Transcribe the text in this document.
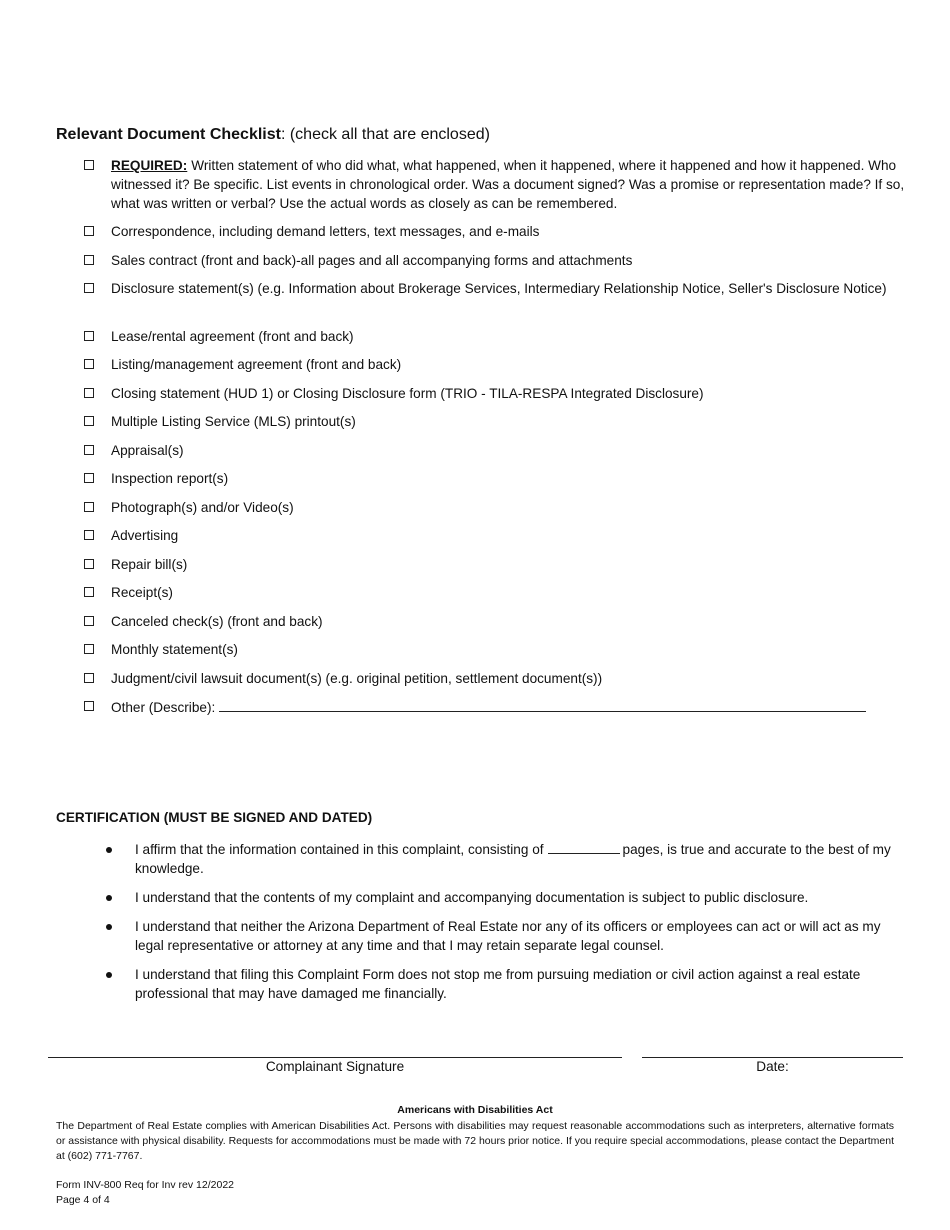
Relevant Document Checklist: (check all that are enclosed)
REQUIRED: Written statement of who did what, what happened, when it happened, where it happened and how it happened. Who witnessed it? Be specific. List events in chronological order. Was a document signed? Was a promise or representation made? If so, what was written or verbal? Use the actual words as closely as can be remembered.
Correspondence, including demand letters, text messages, and e-mails
Sales contract (front and back)-all pages and all accompanying forms and attachments
Disclosure statement(s) (e.g. Information about Brokerage Services, Intermediary Relationship Notice, Seller's Disclosure Notice)
Lease/rental agreement (front and back)
Listing/management agreement (front and back)
Closing statement (HUD 1) or Closing Disclosure form (TRIO - TILA-RESPA Integrated Disclosure)
Multiple Listing Service (MLS) printout(s)
Appraisal(s)
Inspection report(s)
Photograph(s) and/or Video(s)
Advertising
Repair bill(s)
Receipt(s)
Canceled check(s) (front and back)
Monthly statement(s)
Judgment/civil lawsuit document(s) (e.g. original petition, settlement document(s))
Other (Describe):
CERTIFICATION (MUST BE SIGNED AND DATED)
I affirm that the information contained in this complaint, consisting of	pages, is true and accurate to the best of my knowledge.
I understand that the contents of my complaint and accompanying documentation is subject to public disclosure.
I understand that neither the Arizona Department of Real Estate nor any of its officers or employees can act or will act as my legal representative or attorney at any time and that I may retain separate legal counsel.
I understand that filing this Complaint Form does not stop me from pursuing mediation or civil action against a real estate professional that may have damaged me financially.
Complainant Signature	Date:
Americans with Disabilities Act
The Department of Real Estate complies with American Disabilities Act. Persons with disabilities may request reasonable accommodations such as interpreters, alternative formats or assistance with physical disability. Requests for accommodations must be made with 72 hours prior notice. If you require special accommodations, please contact the Department at (602) 771-7767.
Form INV-800 Req for Inv rev 12/2022
Page 4 of 4
